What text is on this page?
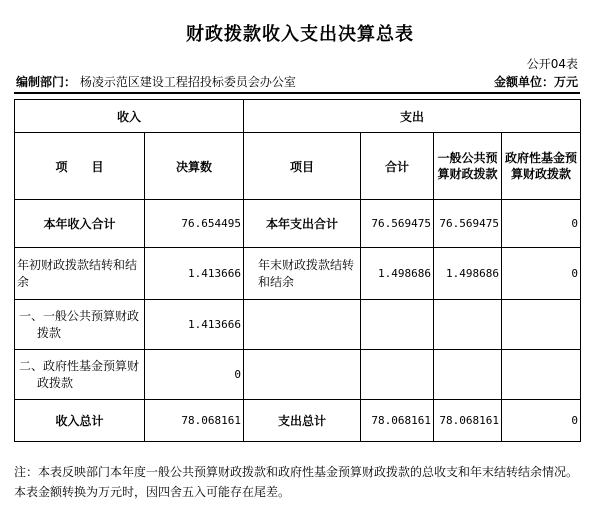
财政拨款收入支出决算总表
公开04表
编制部门： 杨凌示范区建设工程招投标委员会办公室	金额单位：万元
收入		支出			
项　　目	决算数	项目	合计	一般公共预算财政拨款	政府性基金预算财政拨款
本年收入合计	76.654495	本年支出合计	76.569475	76.569475	0
年初财政拨款结转和结余	1.413666	年末财政拨款结转和结余	1.498686	1.498686	0
一、一般公共预算财政拨款	1.413666				
二、政府性基金预算财政拨款	0				
收入总计	78.068161	支出总计	78.068161	78.068161	0
注：本表反映部门本年度一般公共预算财政拨款和政府性基金预算财政拨款的总收支和年末结转结余情况。本表金额转换为万元时，因四舍五入可能存在尾差。
